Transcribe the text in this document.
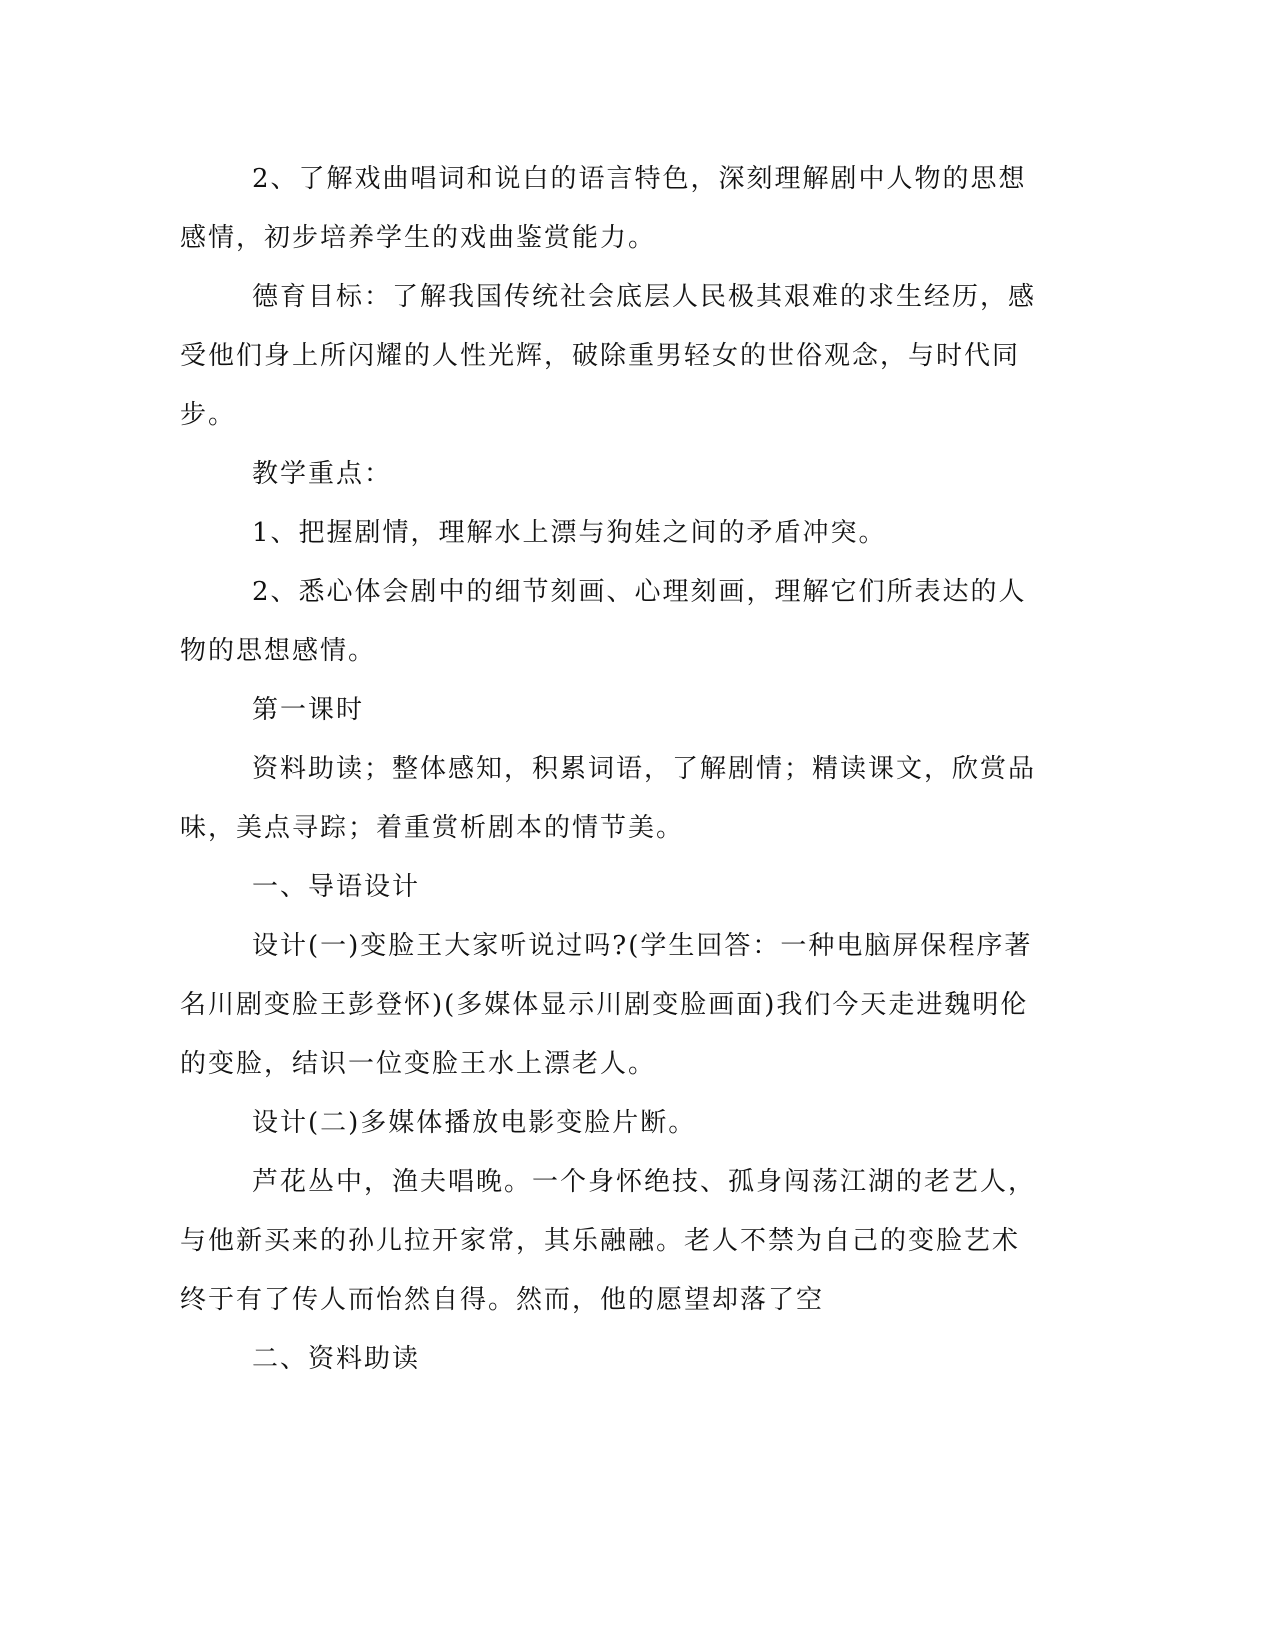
2、了解戏曲唱词和说白的语言特色，深刻理解剧中人物的思想感情，初步培养学生的戏曲鉴赏能力。

德育目标：了解我国传统社会底层人民极其艰难的求生经历，感受他们身上所闪耀的人性光辉，破除重男轻女的世俗观念，与时代同步。

教学重点：

1、把握剧情，理解水上漂与狗娃之间的矛盾冲突。

2、悉心体会剧中的细节刻画、心理刻画，理解它们所表达的人物的思想感情。

第一课时

资料助读；整体感知，积累词语，了解剧情；精读课文，欣赏品味，美点寻踪；着重赏析剧本的情节美。

一、导语设计

设计(一)变脸王大家听说过吗?(学生回答：一种电脑屏保程序著名川剧变脸王彭登怀)(多媒体显示川剧变脸画面)我们今天走进魏明伦的变脸，结识一位变脸王水上漂老人。

设计(二)多媒体播放电影变脸片断。

芦花丛中，渔夫唱晚。一个身怀绝技、孤身闯荡江湖的老艺人，与他新买来的孙儿拉开家常，其乐融融。老人不禁为自己的变脸艺术终于有了传人而怡然自得。然而，他的愿望却落了空

二、资料助读
